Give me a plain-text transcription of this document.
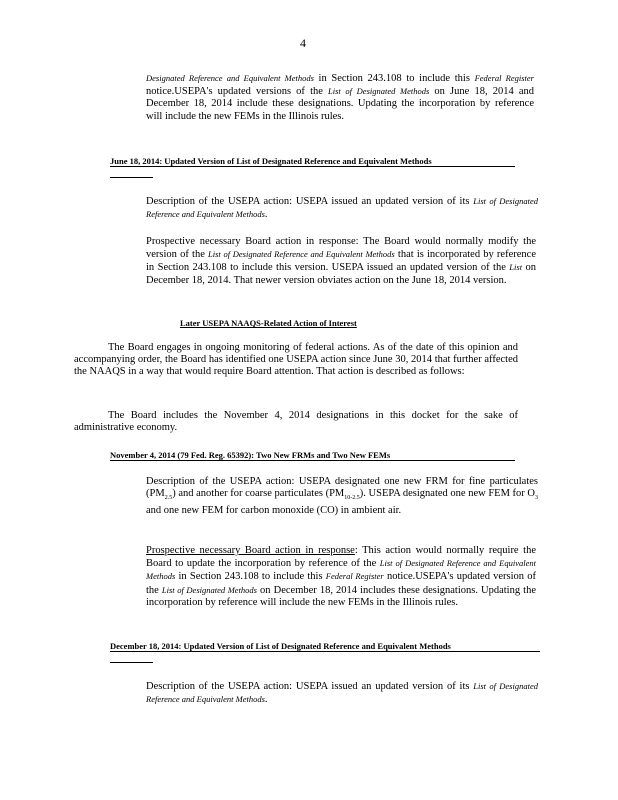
4

Designated Reference and Equivalent Methods in Section 243.108 to include this Federal Register notice.USEPA's updated versions of the List of Designated Methods on June 18, 2014 and December 18, 2014 include these designations. Updating the incorporation by reference will include the new FEMs in the Illinois rules.

June 18, 2014: Updated Version of List of Designated Reference and Equivalent Methods

Description of the USEPA action: USEPA issued an updated version of its List of Designated Reference and Equivalent Methods.

Prospective necessary Board action in response: The Board would normally modify the version of the List of Designated Reference and Equivalent Methods that is incorporated by reference in Section 243.108 to include this version. USEPA issued an updated version of the List on December 18, 2014. That newer version obviates action on the June 18, 2014 version.

Later USEPA NAAQS-Related Action of Interest
The Board engages in ongoing monitoring of federal actions. As of the date of this opinion and accompanying order, the Board has identified one USEPA action since June 30, 2014 that further affected the NAAQS in a way that would require Board attention. That action is described as follows:
The Board includes the November 4, 2014 designations in this docket for the sake of administrative economy.
November 4, 2014 (79 Fed. Reg. 65392): Two New FRMs and Two New FEMs

Description of the USEPA action: USEPA designated one new FRM for fine particulates $(PM_{2.5})$ and another for coarse particulates $(PM_{10-2.5})$. USEPA designated one new FEM for $O_3$ and one new FEM for carbon monoxide (CO) in ambient air.

Prospective necessary Board action in response: This action would normally require the Board to update the incorporation by reference of the List of Designated Reference and Equivalent Methods in Section 243.108 to include this Federal Register notice.USEPA's updated version of the List of Designated Methods on December 18, 2014 includes these designations. Updating the incorporation by reference will include the new FEMs in the Illinois rules.

December 18, 2014: Updated Version of List of Designated Reference and Equivalent Methods

Description of the USEPA action: USEPA issued an updated version of its List of Designated Reference and Equivalent Methods.
